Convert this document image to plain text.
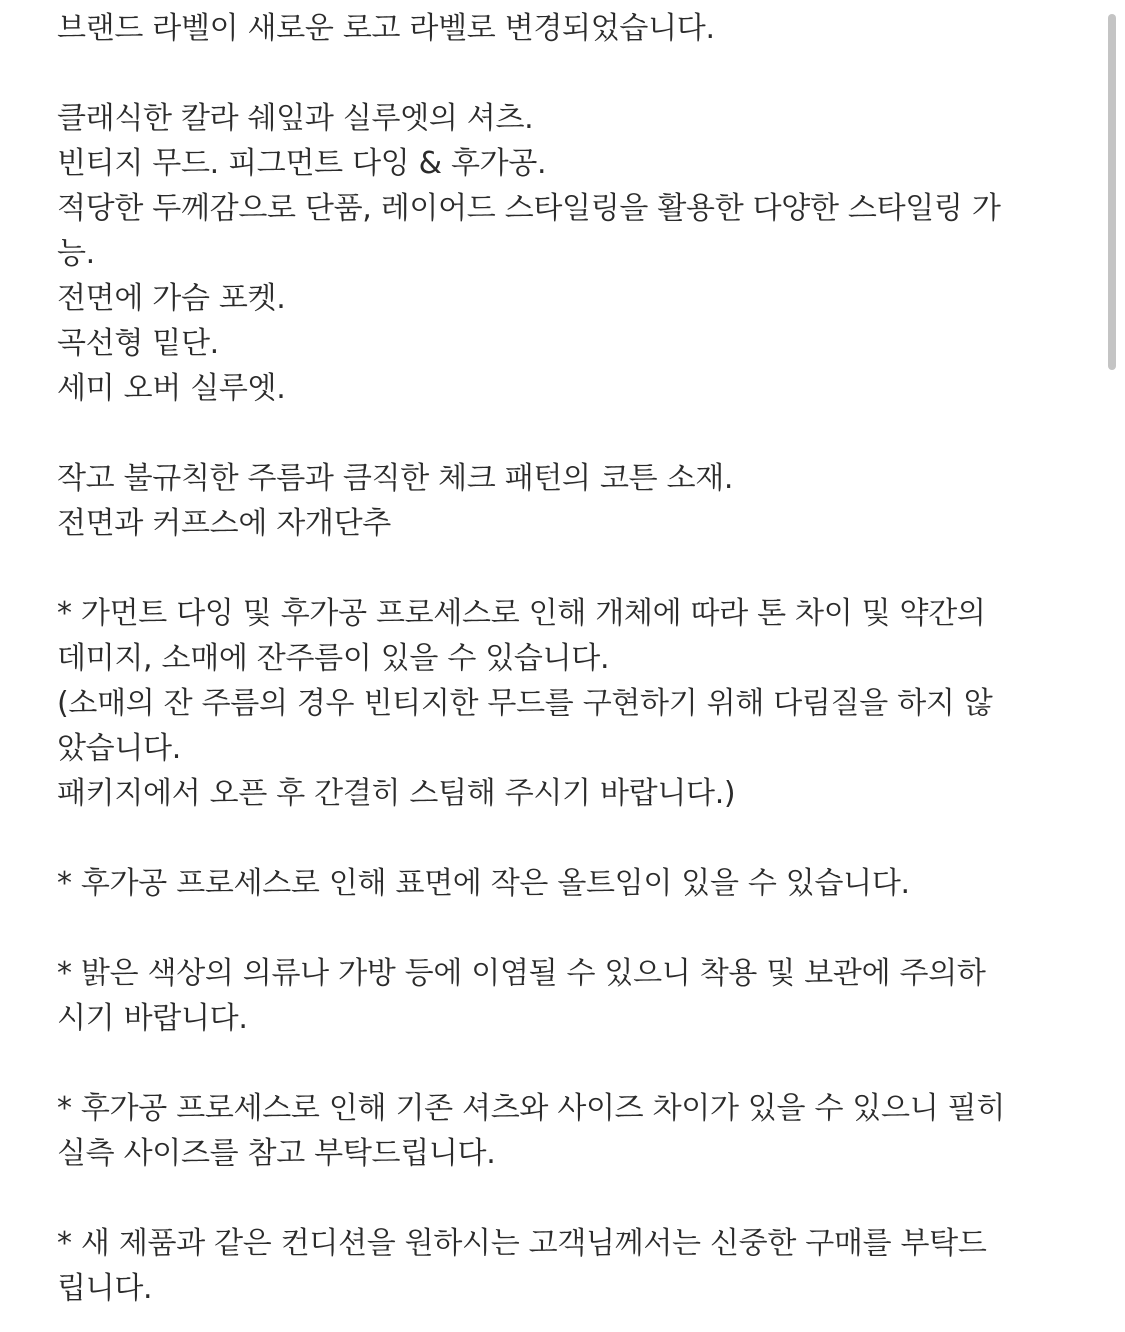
브랜드 라벨이 새로운 로고 라벨로 변경되었습니다.
클래식한 칼라 쉐잎과 실루엣의 셔츠.
빈티지 무드. 피그먼트 다잉 & 후가공.
적당한 두께감으로 단품, 레이어드 스타일링을 활용한 다양한 스타일링 가
능.
전면에 가슴 포켓.
곡선형 밑단.
세미 오버 실루엣.
작고 불규칙한 주름과 큼직한 체크 패턴의 코튼 소재.
전면과 커프스에 자개단추
* 가먼트 다잉 및 후가공 프로세스로 인해 개체에 따라 톤 차이 및 약간의
데미지, 소매에 잔주름이 있을 수 있습니다.
(소매의 잔 주름의 경우 빈티지한 무드를 구현하기 위해 다림질을 하지 않
았습니다.
패키지에서 오픈 후 간결히 스팀해 주시기 바랍니다.)
* 후가공 프로세스로 인해 표면에 작은 올트임이 있을 수 있습니다.
* 밝은 색상의 의류나 가방 등에 이염될 수 있으니 착용 및 보관에 주의하
시기 바랍니다.
* 후가공 프로세스로 인해 기존 셔츠와 사이즈 차이가 있을 수 있으니 필히
실측 사이즈를 참고 부탁드립니다.
* 새 제품과 같은 컨디션을 원하시는 고객님께서는 신중한 구매를 부탁드
립니다.
